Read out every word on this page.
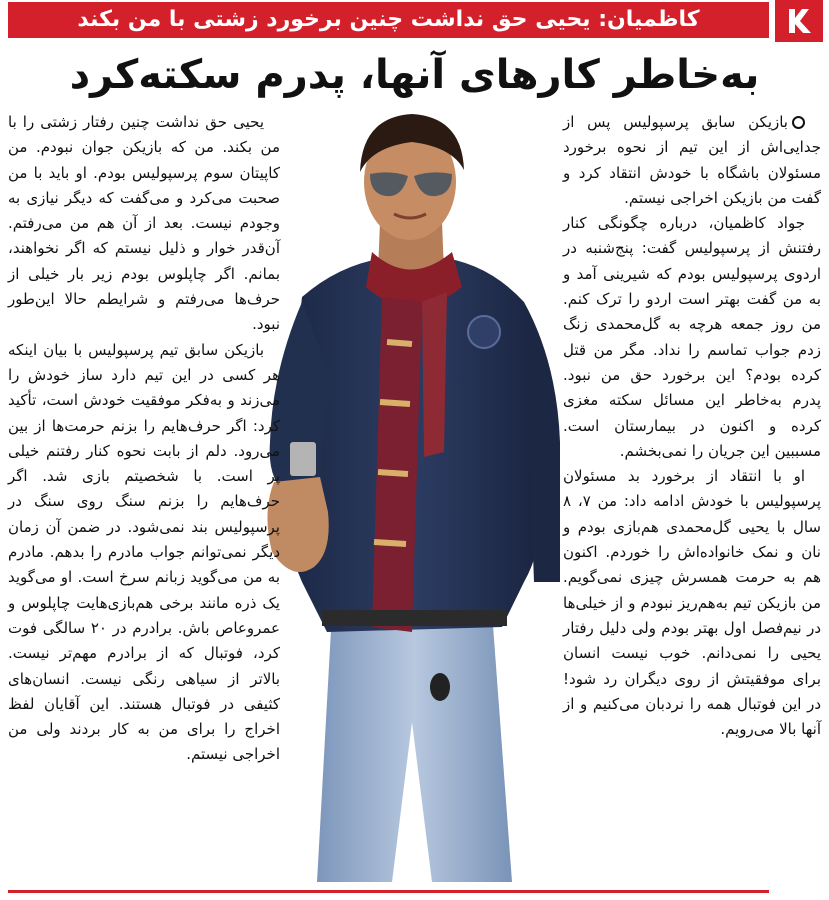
کاظمیان: یحیی حق نداشت چنین برخورد زشتی با من بکند
به‌خاطر کارهای آنها، پدرم سکته‌کرد

بازیکن سابق پرسپولیس پس از جدایی‌اش از این تیم از نحوه برخورد مسئولان باشگاه با خودش انتقاد کرد و گفت من بازیکن اخراجی نیستم.

جواد کاظمیان، درباره چگونگی کنار رفتنش از پرسپولیس گفت: پنج‌شنبه در اردوی پرسپولیس بودم که شیرینی آمد و به من گفت بهتر است اردو را ترک کنم. من روز جمعه هرچه به گل‌محمدی زنگ زدم جواب تماسم را نداد. مگر من قتل کرده بودم؟ این برخورد حق من نبود. پدرم به‌خاطر این مسائل سکته مغزی کرده و اکنون در بیمارستان است. مسببین این جریان را نمی‌بخشم.

او با انتقاد از برخورد بد مسئولان پرسپولیس با خودش ادامه داد: من ۷، ۸ سال با یحیی گل‌محمدی هم‌بازی بودم و نان و نمک خانواده‌اش را خوردم. اکنون هم به حرمت همسرش چیزی نمی‌گویم. من بازیکن تیم به‌هم‌ریز نبودم و از خیلی‌ها در نیم‌فصل اول بهتر بودم ولی دلیل رفتار یحیی را نمی‌دانم. خوب نیست انسان برای موفقیتش از روی دیگران رد شود! در این فوتبال همه را نردبان می‌کنیم و از آنها بالا می‌رویم.

یحیی حق نداشت چنین رفتار زشتی را با من بکند. من که بازیکن جوان نبودم. من کاپیتان سوم پرسپولیس بودم. او باید با من صحبت می‌کرد و می‌گفت که دیگر نیازی به وجودم نیست. بعد از آن هم من می‌رفتم. آن‌قدر خوار و ذلیل نیستم که اگر نخواهند، بمانم. اگر چاپلوس بودم زیر بار خیلی از حرف‌ها می‌رفتم و شرایطم حالا این‌طور نبود.

بازیکن سابق تیم پرسپولیس با بیان اینکه هر کسی در این تیم دارد ساز خودش را می‌زند و به‌فکر موفقیت خودش است، تأکید کرد: اگر حرف‌هایم را بزنم حرمت‌ها از بین می‌رود. دلم از بابت نحوه کنار رفتنم خیلی پر است. با شخصیتم بازی شد. اگر حرف‌هایم را بزنم سنگ روی سنگ در پرسپولیس بند نمی‌شود. در ضمن آن زمان دیگر نمی‌توانم جواب مادرم را بدهم. مادرم به من می‌گوید زبانم سرخ است. او می‌گوید یک ذره مانند برخی هم‌بازی‌هایت چاپلوس و عمروعاص باش. برادرم در ۲۰ سالگی فوت کرد، فوتبال که از برادرم مهم‌تر نیست. بالاتر از سیاهی رنگی نیست. انسان‌های کثیفی در فوتبال هستند. این آقایان لفظ اخراج را برای من به کار بردند ولی من اخراجی نیستم.
